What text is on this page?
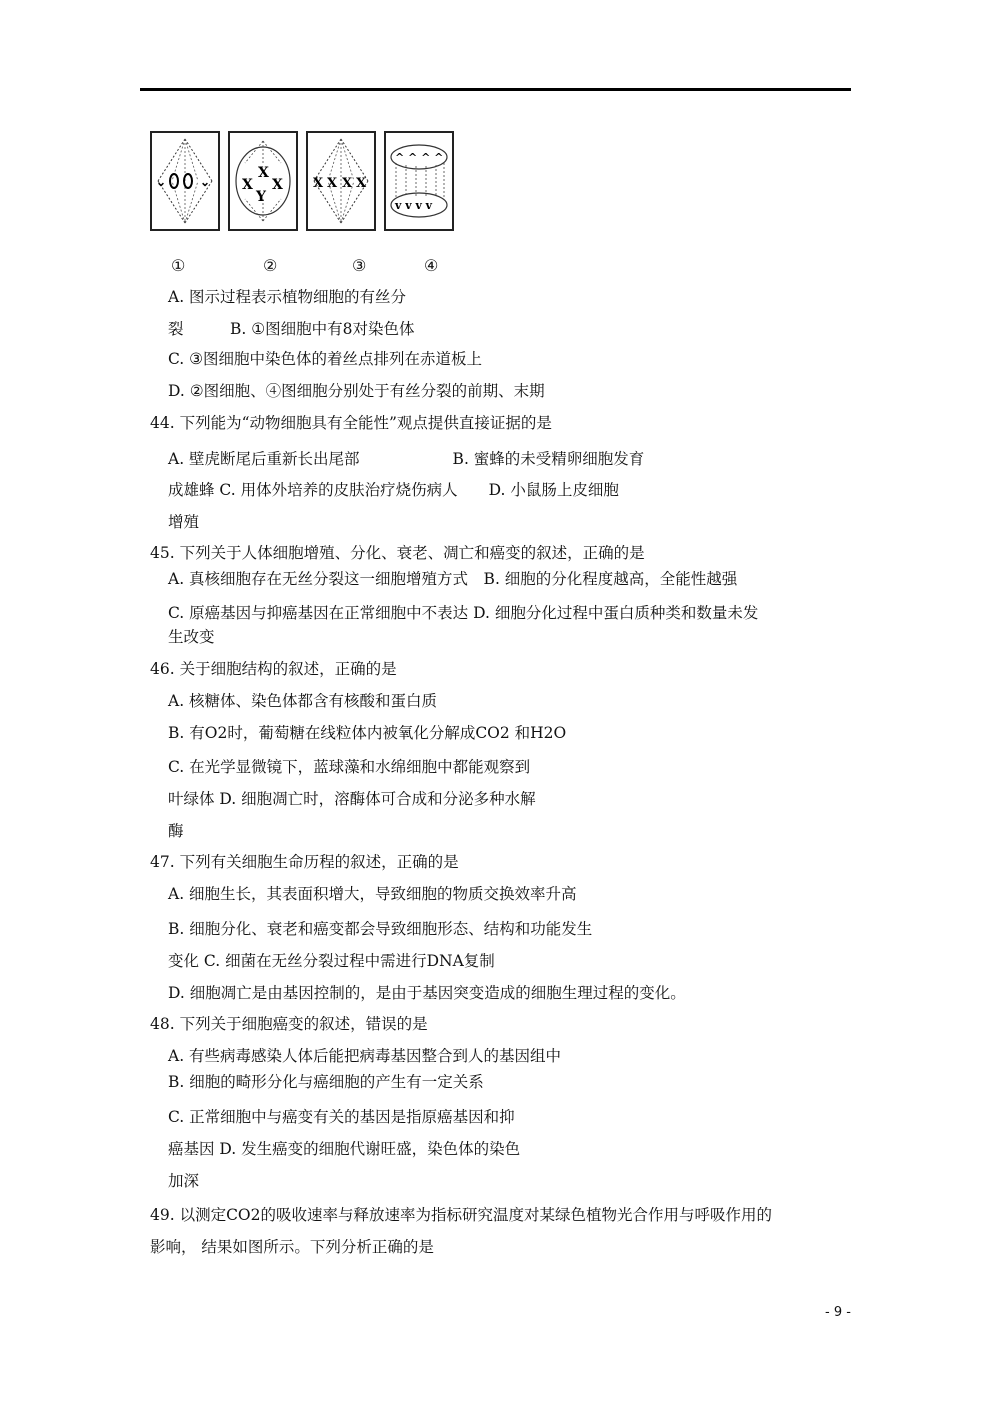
⌄	⌄ X
X
X
Y
X X X X
^ ^ ^ ^
v v v v
①	②	③	④
A. 图示过程表示植物细胞的有丝分
裂　　　B. ①图细胞中有8对染色体
C. ③图细胞中染色体的着丝点排列在赤道板上
D. ②图细胞、④图细胞分别处于有丝分裂的前期、末期
44. 下列能为“动物细胞具有全能性”观点提供直接证据的是
A. 壁虎断尾后重新长出尾部　　　　　　B. 蜜蜂的未受精卵细胞发育
成雄蜂 C. 用体外培养的皮肤治疗烧伤病人　　D. 小鼠肠上皮细胞
增殖
45. 下列关于人体细胞增殖、分化、衰老、凋亡和癌变的叙述，正确的是
A. 真核细胞存在无丝分裂这一细胞增殖方式　B. 细胞的分化程度越高，全能性越强
C. 原癌基因与抑癌基因在正常细胞中不表达 D. 细胞分化过程中蛋白质种类和数量未发
生改变
46. 关于细胞结构的叙述，正确的是
A. 核糖体、染色体都含有核酸和蛋白质
B. 有O2时，葡萄糖在线粒体内被氧化分解成CO2 和H2O
C. 在光学显微镜下，蓝球藻和水绵细胞中都能观察到
叶绿体 D. 细胞凋亡时，溶酶体可合成和分泌多种水解
酶
47. 下列有关细胞生命历程的叙述，正确的是
A. 细胞生长，其表面积增大，导致细胞的物质交换效率升高
B. 细胞分化、衰老和癌变都会导致细胞形态、结构和功能发生
变化 C. 细菌在无丝分裂过程中需进行DNA复制
D. 细胞凋亡是由基因控制的，是由于基因突变造成的细胞生理过程的变化。
48. 下列关于细胞癌变的叙述，错误的是
A. 有些病毒感染人体后能把病毒基因整合到人的基因组中
B. 细胞的畸形分化与癌细胞的产生有一定关系
C. 正常细胞中与癌变有关的基因是指原癌基因和抑
癌基因 D. 发生癌变的细胞代谢旺盛，染色体的染色
加深
49. 以测定CO2的吸收速率与释放速率为指标研究温度对某绿色植物光合作用与呼吸作用的
影响， 结果如图所示。下列分析正确的是
- 9 -
